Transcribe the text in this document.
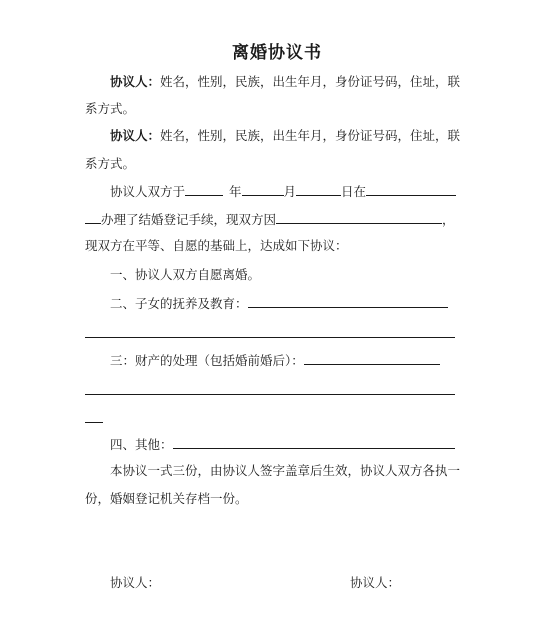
离婚协议书
协议人：姓名，性别，民族，出生年月，身份证号码，住址，联
系方式。
协议人：姓名，性别，民族，出生年月，身份证号码，住址，联
系方式。
协议人双方于	年	月	日在
办理了结婚登记手续，现双方因	，
现双方在平等、自愿的基础上，达成如下协议：
一、协议人双方自愿离婚。
二、子女的抚养及教育：
三：财产的处理（包括婚前婚后）：
四、其他：
本协议一式三份，由协议人签字盖章后生效，协议人双方各执一
份，婚姻登记机关存档一份。
协议人：	协议人：
